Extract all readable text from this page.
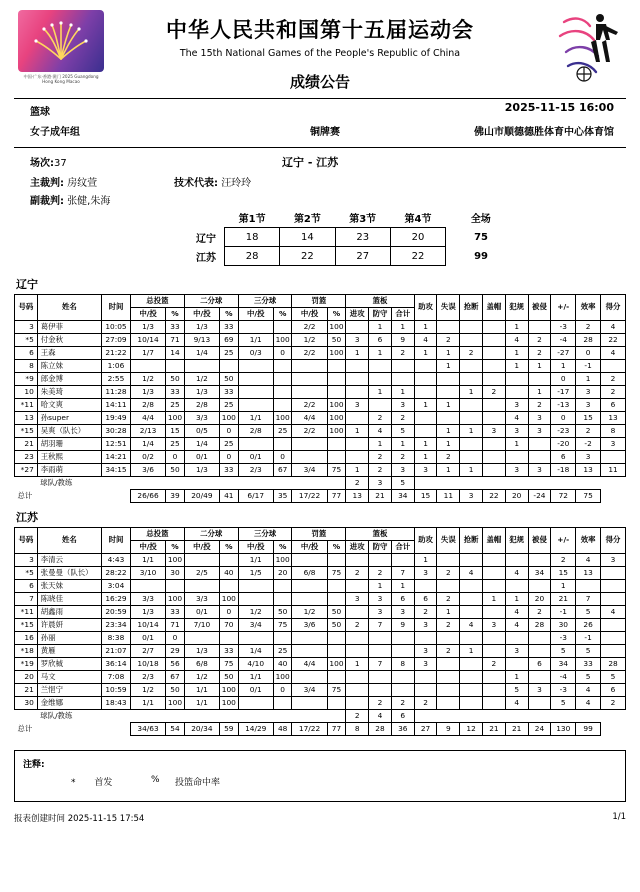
中国·广东·香港·澳门 2025 Guangdong Hong Kong Macao
中华人民共和国第十五届运动会
The 15th National Games of the People's Republic of China
成绩公告
篮球
女子成年组	铜牌赛
2025-11-15 16:00
佛山市顺德德胜体育中心体育馆
场次:37	辽宁 - 江苏
主裁判: 房纹萱	技术代表: 汪玲玲
副裁判: 张健,朱海
	第1节	第2节	第3节	第4节	全场
辽宁	18	14	23	20	75
江苏	28	22	27	22	99
辽宁
号码	姓名	时间	总投篮		二分球		三分球		罚篮		篮板			助攻	失误	抢断	盖帽	犯规	被侵	+/-	效率	得分
			中/投	%	中/投	%	中/投	%	中/投	%	进攻	防守	合计									
3	葛伊菲	10:05	1/3	33	1/3	33			2/2	100		1	1	1				1		-3	2	4
*5	付金秋	27:09	10/14	71	9/13	69	1/1	100	1/2	50	3	6	9	4	2			4	2	-4	28	22
6	王森	21:22	1/7	14	1/4	25	0/3	0	2/2	100	1	1	2	1	1	2		1	2	-27	0	4
8	陈立妹	1:06													1			1	1	1	-1	
*9	郎金博	2:55	1/2	50	1/2	50														0	1	2
10	朱美琦	11:28	1/3	33	1/3	33						1	1			1	2		1	-17	3	2
*11	哈文爽	14:11	2/8	25	2/8	25			2/2	100	3		3	1	1			3	2	-13	3	6
13	孙super	19:49	4/4	100	3/3	100	1/1	100	4/4	100		2	2					4	3	0	15	13
*15	吴爽（队长）	30:28	2/13	15	0/5	0	2/8	25	2/2	100	1	4	5		1	1	3	3	3	-23	2	8
21	胡羽珊	12:51	1/4	25	1/4	25						1	1	1	1			1		-20	-2	3
23	王秋熙	14:21	0/2	0	0/1	0	0/1	0				2	2	1	2					6	3	
*27	李雨萌	34:15	3/6	50	1/3	33	2/3	67	3/4	75	1	2	3	3	1	1		3	3	-18	13	11
	球队/教练										2	3	5									
总计			26/66	39	20/49	41	6/17	35	17/22	77	13	21	34	15	11	3	22	20	-24	72	75	
江苏
号码	姓名	时间	总投篮		二分球		三分球		罚篮		篮板			助攻	失误	抢断	盖帽	犯规	被侵	+/-	效率	得分
			中/投	%	中/投	%	中/投	%	中/投	%	进攻	防守	合计									
3	李清云	4:43	1/1	100			1/1	100						1						2	4	3
*5	张曼曼（队长）	28:22	3/10	30	2/5	40	1/5	20	6/8	75	2	2	7	3	2	4		4	34	15	13	
6	张天妹	3:04										1	1							1		
7	陈晓佳	16:29	3/3	100	3/3	100					3	3	6	6	2		1	1	20	21	7	
*11	胡鑫雨	20:59	1/3	33	0/1	0	1/2	50	1/2	50		3	3	2	1			4	2	-1	5	4
*15	许晨妍	23:34	10/14	71	7/10	70	3/4	75	3/6	50	2	7	9	3	2	4	3	4	28	30	26	
16	孙丽	8:38	0/1	0																-3	-1	
*18	黄雁	21:07	2/7	29	1/3	33	1/4	25						3	2	1		3		5	5	
*19	罗欣棫	36:14	10/18	56	6/8	75	4/10	40	4/4	100	1	7	8	3			2		6	34	33	28
20	马文	7:08	2/3	67	1/2	50	1/1	100										1		-4	5	5
21	兰悒宁	10:59	1/2	50	1/1	100	0/1	0	3/4	75								5	3	-3	4	6
30	金维娜	18:43	1/1	100	1/1	100						2	2	2				4		5	4	2
	球队/教练										2	4	6									
总计			34/63	54	20/34	59	14/29	48	17/22	77	8	28	36	27	9	12	21	21	24	130	99	
注释:
* 首发	% 投篮命中率
报表创建时间 2025-11-15 17:54	1/1
